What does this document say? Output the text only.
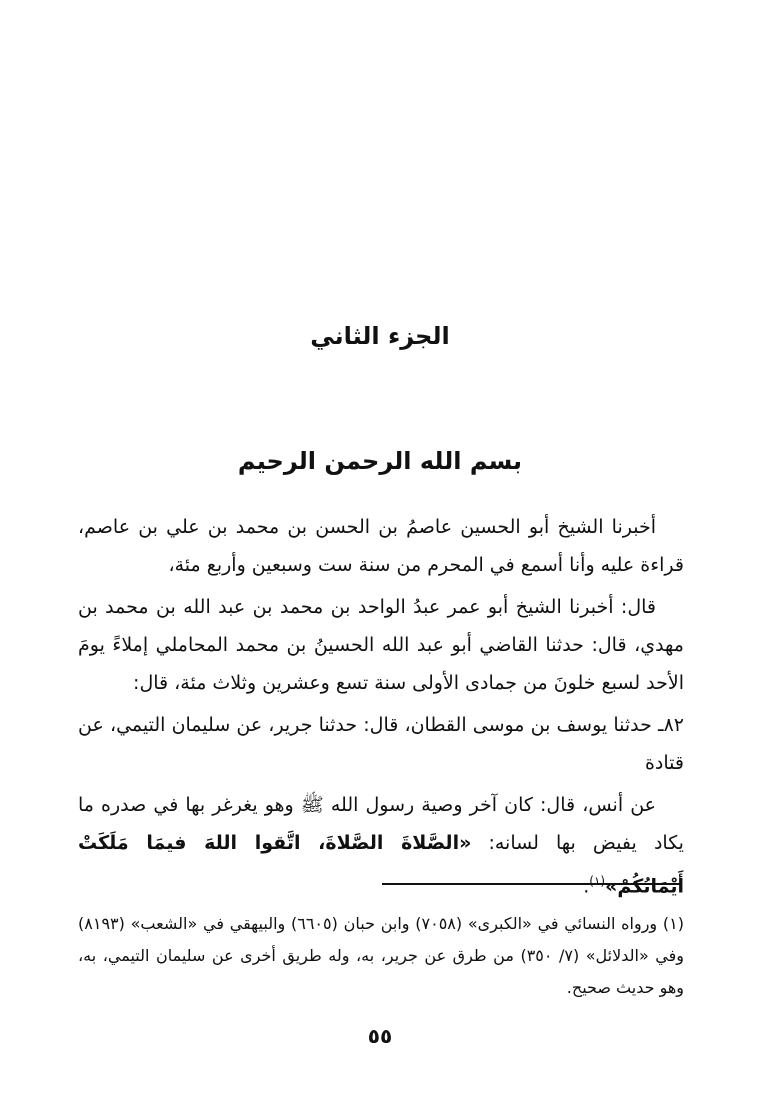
الجزء الثاني
بسم الله الرحمن الرحيم

أخبرنا الشيخ أبو الحسين عاصمُ بن الحسن بن محمد بن علي بن عاصم، قراءة عليه وأنا أسمع في المحرم من سنة ست وسبعين وأربع مئة،

قال: أخبرنا الشيخ أبو عمر عبدُ الواحد بن محمد بن عبد الله بن محمد بن مهدي، قال: حدثنا القاضي أبو عبد الله الحسينُ بن محمد المحاملي إملاءً يومَ الأحد لسبع خلونَ من جمادى الأولى سنة تسع وعشرين وثلاث مئة، قال:

٨٢ـ حدثنا يوسف بن موسى القطان، قال: حدثنا جرير، عن سليمان التيمي، عن قتادة

عن أنس، قال: كان آخر وصية رسول الله ﷺ وهو يغرغر بها في صدره ما يكاد يفيض بها لسانه: «الصَّلاةَ الصَّلاةَ، اتَّقوا اللهَ فيمَا مَلَكَتْ أَيْمَانُكُمْ»$^{(١)}$.

(١) ورواه النسائي في «الكبرى» (٧٠٥٨) وابن حبان (٦٦٠٥) والبيهقي في «الشعب» (٨١٩٣) وفي «الدلائل» (٧/ ٣٥٠) من طرق عن جرير، به، وله طريق أخرى عن سليمان التيمي، به، وهو حديث صحيح.
٥٥
